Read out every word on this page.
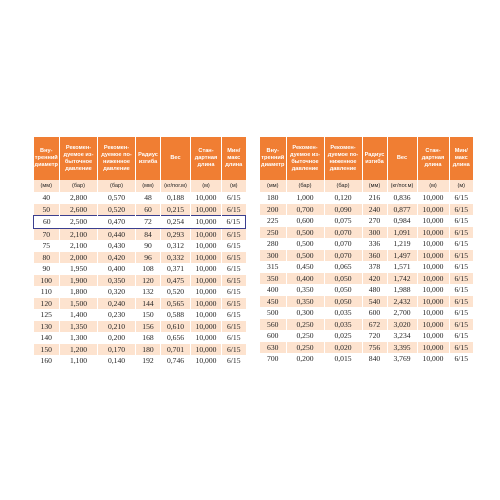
Вну-
тренний
диаметр	Рекомен-
дуемое из-
быточное
давление	Рекомен-
дуемое по-
ниженное
давление	Радиус
изгиба	Вес	Стан-
дартная
длина	Мин/
макс
длина
(мм)	(бар)	(бар)	(мм)	(кг/пог.м)	(м)	(м)
40	2,800	0,570	48	0,188	10,000	6/15
50	2,600	0,520	60	0,215	10,000	6/15
60	2,500	0,470	72	0,254	10,000	6/15
70	2,100	0,440	84	0,293	10,000	6/15
75	2,100	0,430	90	0,312	10,000	6/15
80	2,000	0,420	96	0,332	10,000	6/15
90	1,950	0,400	108	0,371	10,000	6/15
100	1,900	0,350	120	0,475	10,000	6/15
110	1,800	0,320	132	0,520	10,000	6/15
120	1,500	0,240	144	0,565	10,000	6/15
125	1,400	0,230	150	0,588	10,000	6/15
130	1,350	0,210	156	0,610	10,000	6/15
140	1,300	0,200	168	0,656	10,000	6/15
150	1,200	0,170	180	0,701	10,000	6/15
160	1,100	0,140	192	0,746	10,000	6/15
Вну-
тренний
диаметр	Рекомен-
дуемое из-
быточное
давление	Рекомен-
дуемое по-
ниженное
давление	Радиус
изгиба	Вес	Стан-
дартная
длина	Мин/
макс
длина
(мм)	(бар)	(бар)	(мм)	(кг/пог.м)	(м)	(м)
180	1,000	0,120	216	0,836	10,000	6/15
200	0,700	0,090	240	0,877	10,000	6/15
225	0,600	0,075	270	0,984	10,000	6/15
250	0,500	0,070	300	1,091	10,000	6/15
280	0,500	0,070	336	1,219	10,000	6/15
300	0,500	0,070	360	1,497	10,000	6/15
315	0,450	0,065	378	1,571	10,000	6/15
350	0,400	0,050	420	1,742	10,000	6/15
400	0,350	0,050	480	1,988	10,000	6/15
450	0,350	0,050	540	2,432	10,000	6/15
500	0,300	0,035	600	2,700	10,000	6/15
560	0,250	0,035	672	3,020	10,000	6/15
600	0,250	0,025	720	3,234	10,000	6/15
630	0,250	0,020	756	3,395	10,000	6/15
700	0,200	0,015	840	3,769	10,000	6/15
